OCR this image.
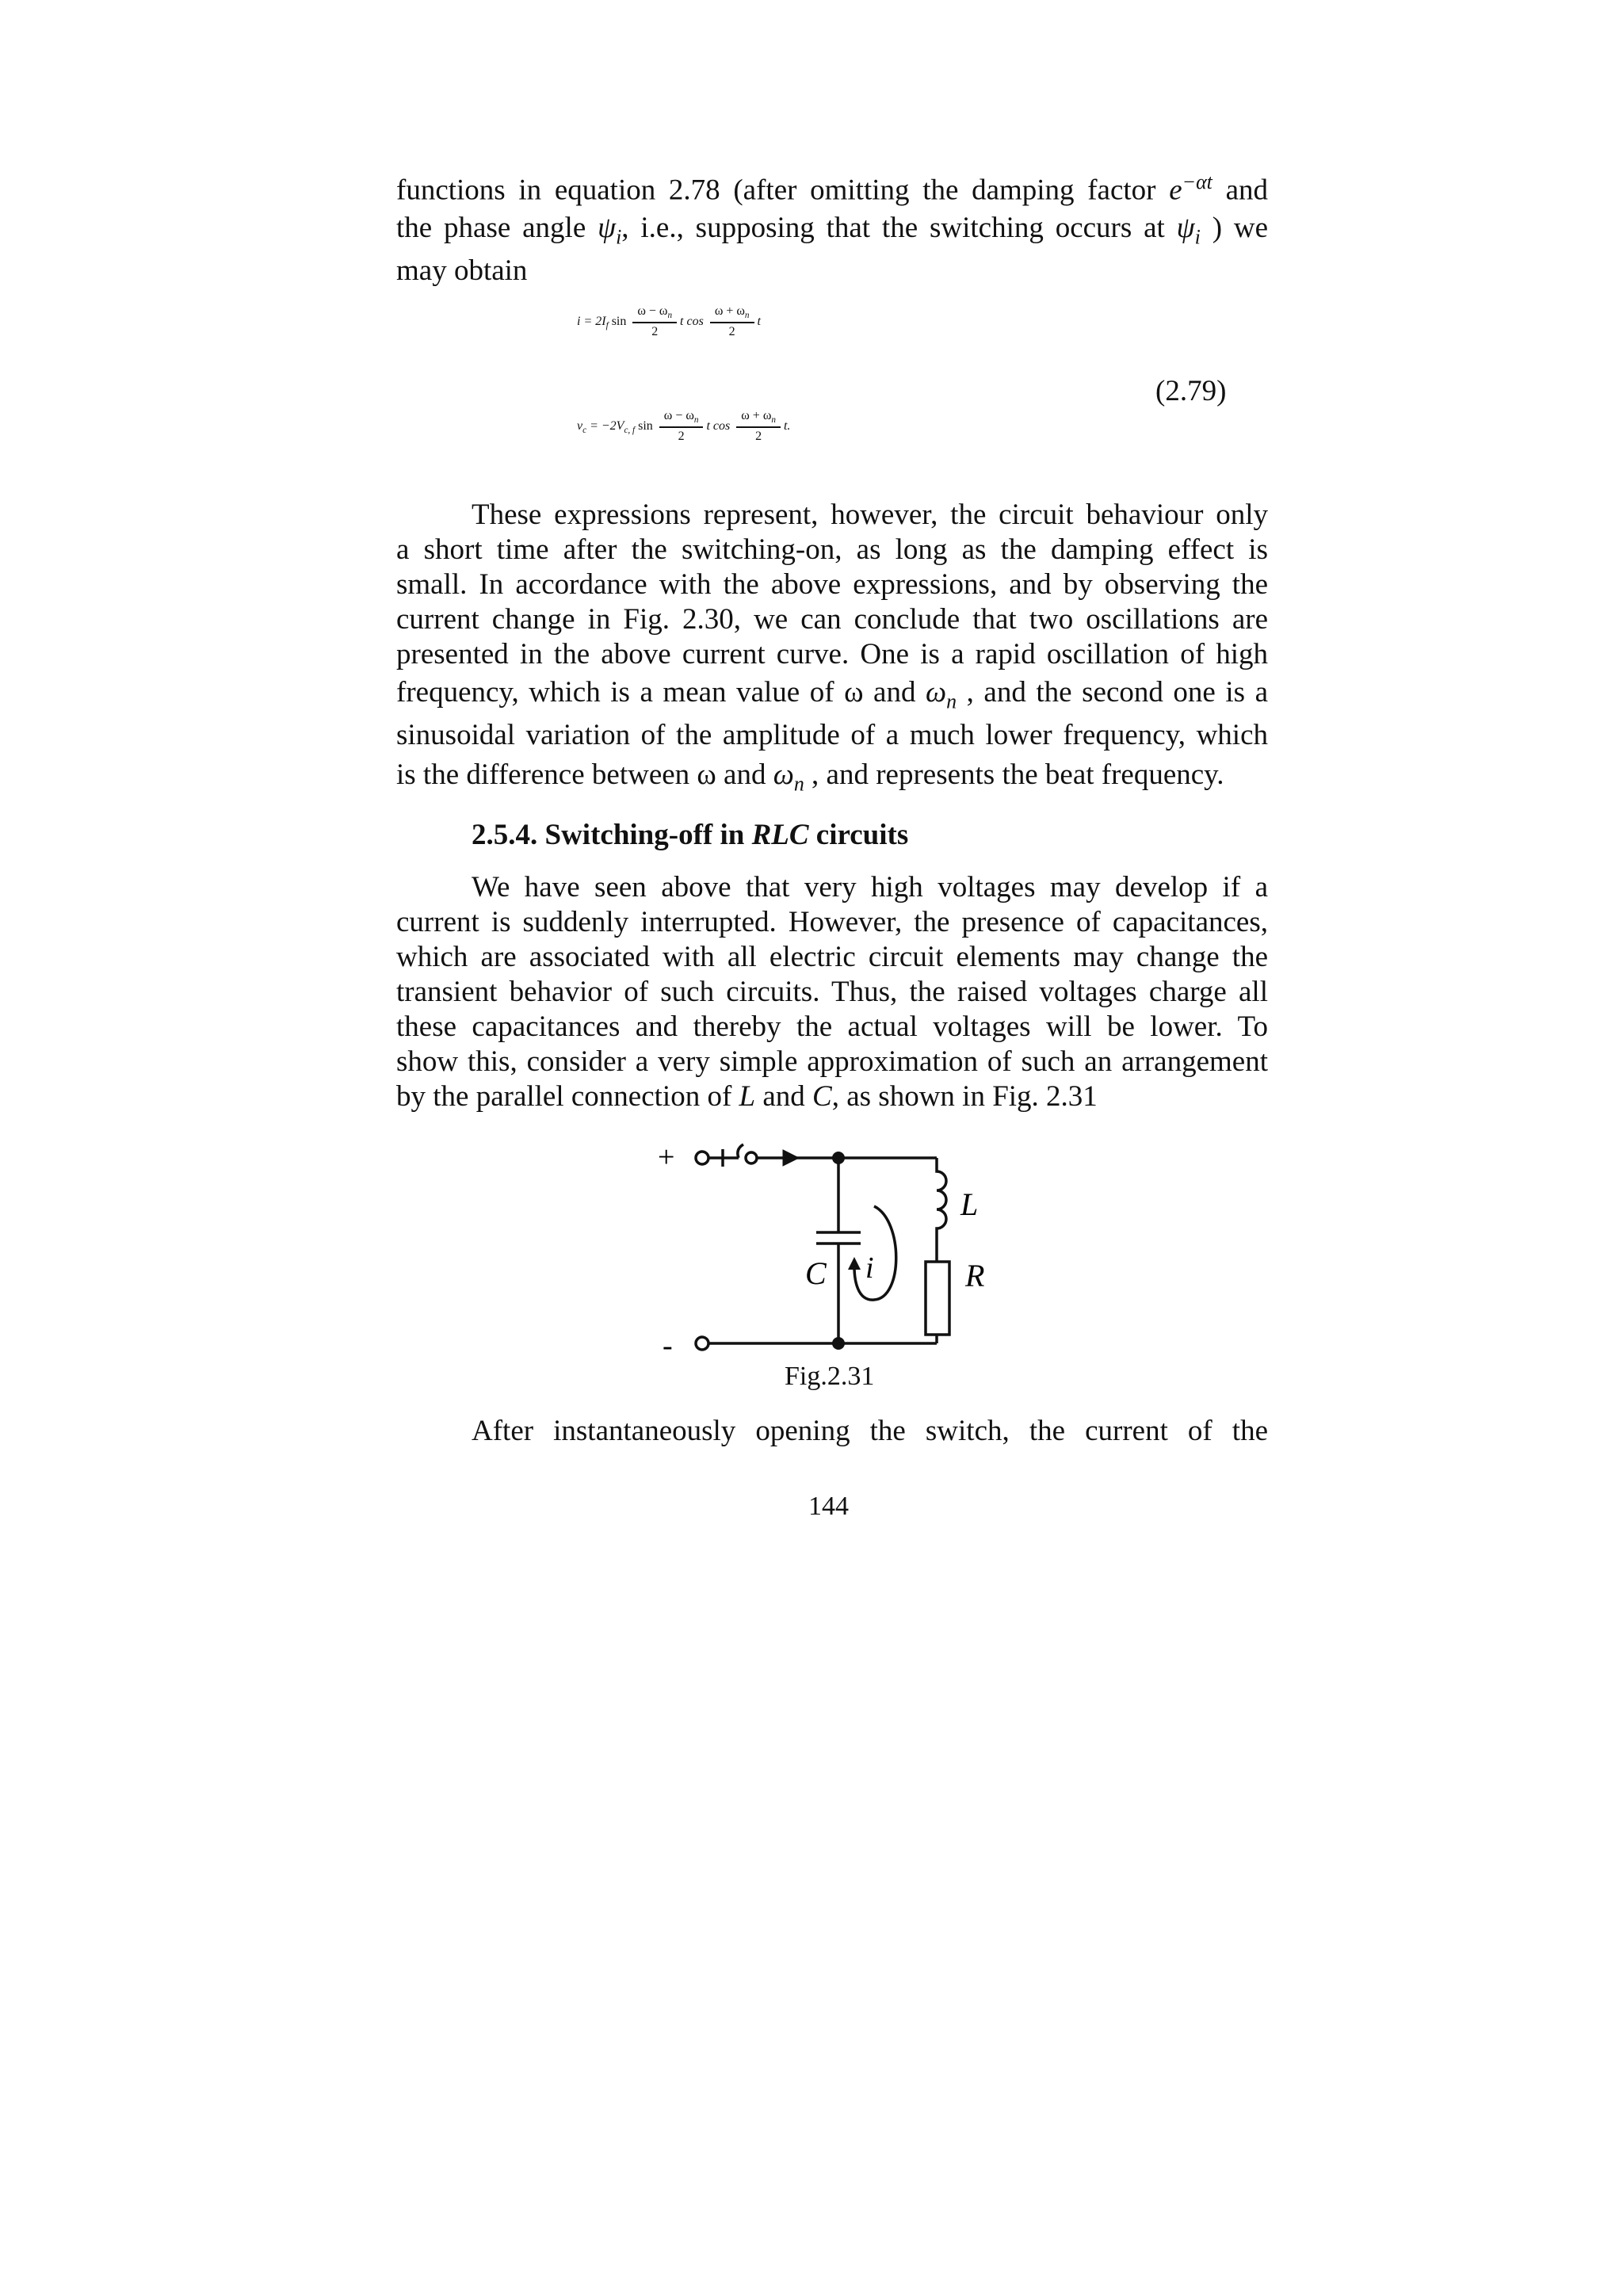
functions in equation 2.78 (after omitting the damping factor $e^{-\alpha t}$ and
the phase angle $\psi_i$, i.e., supposing that the switching occurs at $\psi_i$ ) we
may obtain
$i = 2I_f$ $\sin \frac{\omega - \omega_n}{2}$ t $\cos \frac{\omega + \omega_n}{2}$ t
$v_c = -2V_{c, f}$ $\sin \frac{\omega - \omega_n}{2}$ t $\cos \frac{\omega + \omega_n}{2} t$.
(2.79)
These expressions represent, however, the circuit behaviour only
a short time after the switching-on, as long as the damping effect is
small. In accordance with the above expressions, and by observing the
current change in Fig. 2.30, we can conclude that two oscillations are
presented in the above current curve. One is a rapid oscillation of high
frequency, which is a mean value of ω and $\omega_n$ , and the second one is a
sinusoidal variation of the amplitude of a much lower frequency, which
is the difference between ω and $\omega_n$ , and represents the beat frequency.
2.5.4. Switching-off in RLC circuits
We have seen above that very high voltages may develop if a
current is suddenly interrupted. However, the presence of capacitances,
which are associated with all electric circuit elements may change the
transient behavior of such circuits. Thus, the raised voltages charge all
these capacitances and thereby the actual voltages will be lower. To
show this, consider a very simple approximation of such an arrangement
by the parallel connection of L and C, as shown in Fig. 2.31
+
-
L
C i	R
Fig.2.31
After instantaneously opening the switch, the current of the
144
